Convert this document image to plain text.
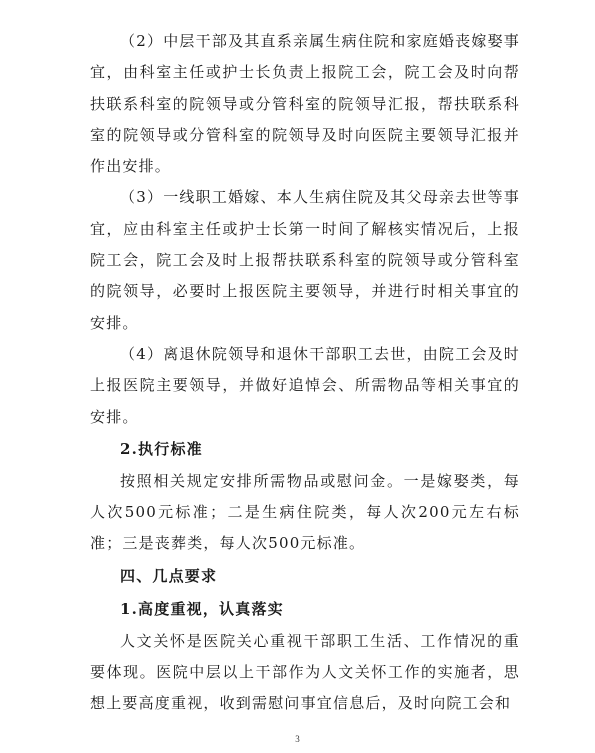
（2）中层干部及其直系亲属生病住院和家庭婚丧嫁娶事宜，由科室主任或护士长负责上报院工会，院工会及时向帮扶联系科室的院领导或分管科室的院领导汇报，帮扶联系科室的院领导或分管科室的院领导及时向医院主要领导汇报并作出安排。

（3）一线职工婚嫁、本人生病住院及其父母亲去世等事宜，应由科室主任或护士长第一时间了解核实情况后，上报院工会，院工会及时上报帮扶联系科室的院领导或分管科室的院领导，必要时上报医院主要领导，并进行时相关事宜的安排。

（4）离退休院领导和退休干部职工去世，由院工会及时上报医院主要领导，并做好追悼会、所需物品等相关事宜的安排。

2.执行标准

按照相关规定安排所需物品或慰问金。一是嫁娶类，每人次500元标准；二是生病住院类，每人次200元左右标准；三是丧葬类，每人次500元标准。

四、几点要求

1.高度重视，认真落实

人文关怀是医院关心重视干部职工生活、工作情况的重要体现。医院中层以上干部作为人文关怀工作的实施者，思想上要高度重视，收到需慰问事宜信息后，及时向院工会和

3
